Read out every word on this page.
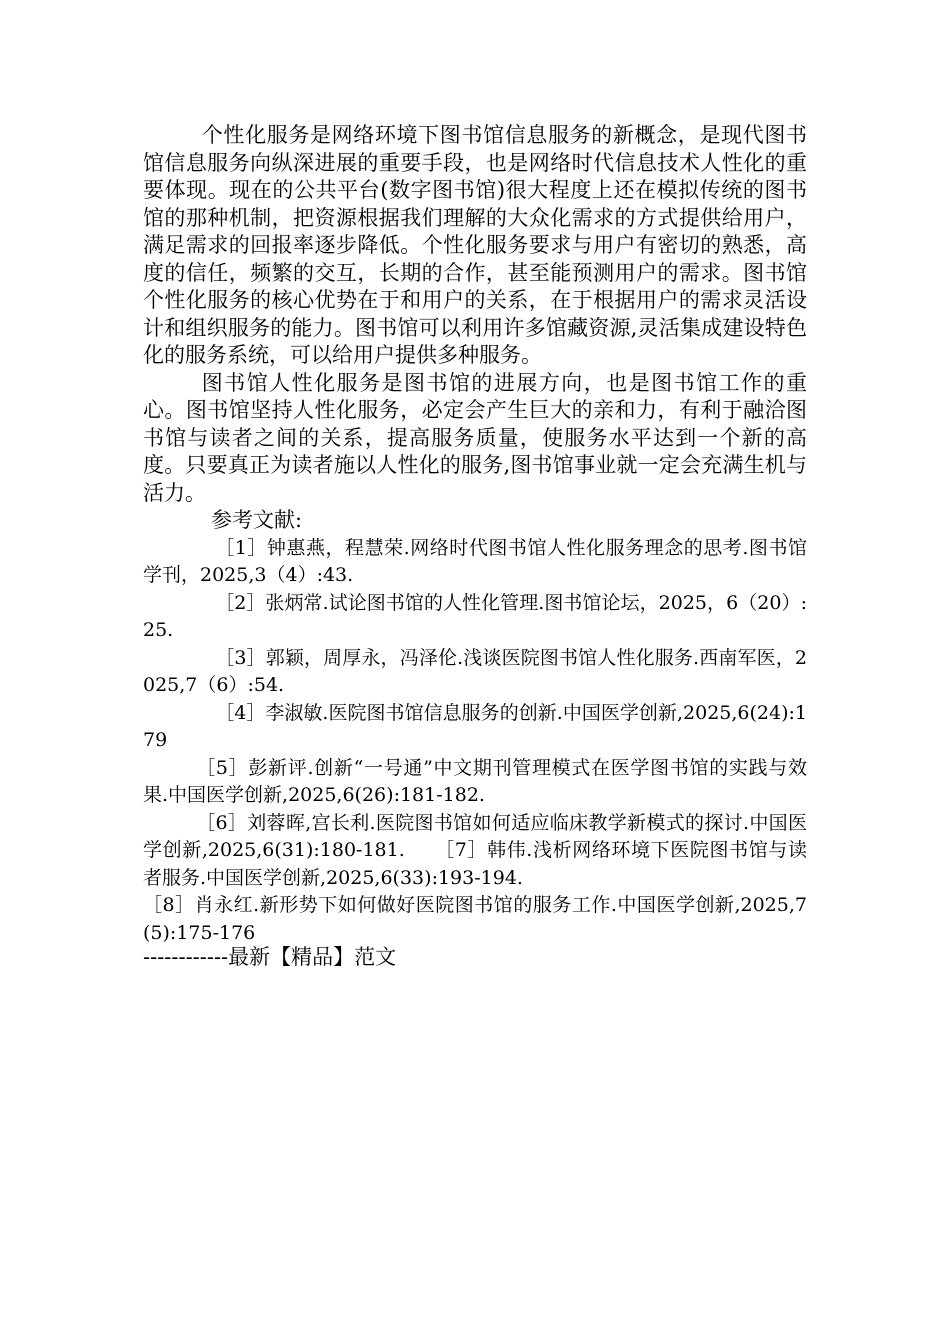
个性化服务是网络环境下图书馆信息服务的新概念，是现代图书馆信息服务向纵深进展的重要手段，也是网络时代信息技术人性化的重要体现。现在的公共平台(数字图书馆)很大程度上还在模拟传统的图书馆的那种机制，把资源根据我们理解的大众化需求的方式提供给用户，满足需求的回报率逐步降低。个性化服务要求与用户有密切的熟悉，高度的信任，频繁的交互，长期的合作，甚至能预测用户的需求。图书馆个性化服务的核心优势在于和用户的关系，在于根据用户的需求灵活设计和组织服务的能力。图书馆可以利用许多馆藏资源,灵活集成建设特色化的服务系统，可以给用户提供多种服务。

图书馆人性化服务是图书馆的进展方向，也是图书馆工作的重心。图书馆坚持人性化服务，必定会产生巨大的亲和力，有利于融洽图书馆与读者之间的关系，提高服务质量，使服务水平达到一个新的高度。只要真正为读者施以人性化的服务,图书馆事业就一定会充满生机与活力。

参考文献:

［1］钟惠燕，程慧荣.网络时代图书馆人性化服务理念的思考.图书馆学刊，2025,3（4）:43.

［2］张炳常.试论图书馆的人性化管理.图书馆论坛，2025，6（20）:25.

［3］郭颖，周厚永，冯泽伦.浅谈医院图书馆人性化服务.西南军医，2025,7（6）:54.

［4］李淑敏.医院图书馆信息服务的创新.中国医学创新,2025,6(24):179

［5］彭新评.创新“一号通”中文期刊管理模式在医学图书馆的实践与效果.中国医学创新,2025,6(26):181-182.

［6］刘蓉晖,宫长利.医院图书馆如何适应临床教学新模式的探讨.中国医学创新,2025,6(31):180-181.　　［7］韩伟.浅析网络环境下医院图书馆与读者服务.中国医学创新,2025,6(33):193-194.

［8］肖永红.新形势下如何做好医院图书馆的服务工作.中国医学创新,2025,7(5):175-176

------------最新【精品】范文
